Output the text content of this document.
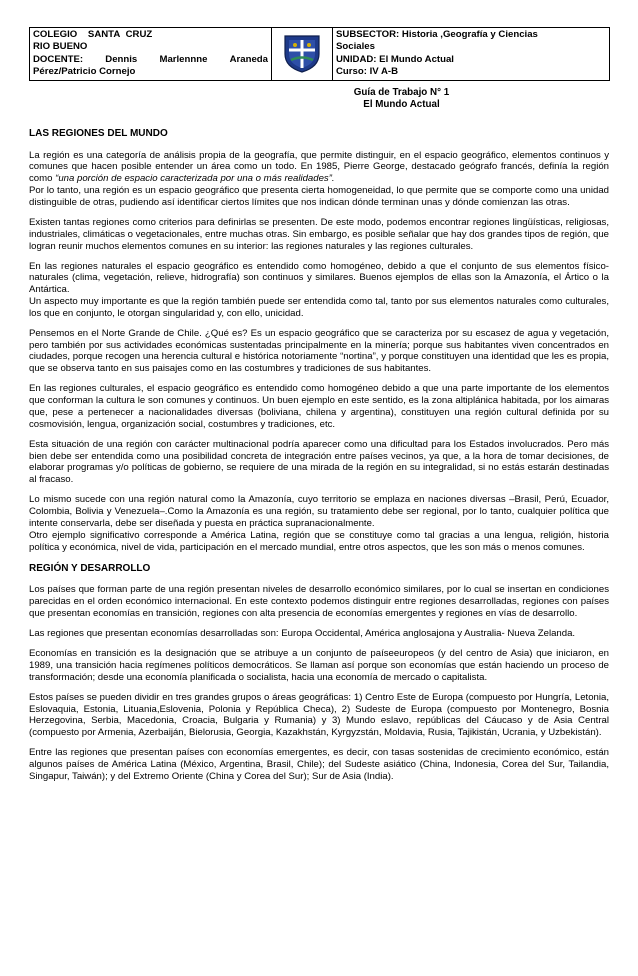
COLEGIO SANTA CRUZ
RIO BUENO
DOCENTE: Dennis Marlennne Araneda
Pérez/Patricio Cornejo

SUBSECTOR: Historia ,Geografía y Ciencias
Sociales
UNIDAD: El Mundo Actual
Curso: IV A-B
Guía de Trabajo N° 1
El Mundo Actual
LAS REGIONES DEL MUNDO

La región es una categoría de análisis propia de la geografía, que permite distinguir, en el espacio geográfico, elementos continuos y comunes que hacen posible entender un área como un todo. En 1985, Pierre George, destacado geógrafo francés, definía la región como “una porción de espacio caracterizada por una o más realidades”.

Por lo tanto, una región es un espacio geográfico que presenta cierta homogeneidad, lo que permite que se comporte como una unidad distinguible de otras, pudiendo así identificar ciertos límites que nos indican dónde terminan unas y dónde comienzan las otras.

Existen tantas regiones como criterios para definirlas se presenten. De este modo, podemos encontrar regiones lingüísticas, religiosas, industriales, climáticas o vegetacionales, entre muchas otras. Sin embargo, es posible señalar que hay dos grandes tipos de región, que logran reunir muchos elementos comunes en su interior: las regiones naturales y las regiones culturales.

En las regiones naturales el espacio geográfico es entendido como homogéneo, debido a que el conjunto de sus elementos físico-naturales (clima, vegetación, relieve, hidrografía) son continuos y similares. Buenos ejemplos de ellas son la Amazonía, el Ártico o la Antártica.

Un aspecto muy importante es que la región también puede ser entendida como tal, tanto por sus elementos naturales como culturales, los que en conjunto, le otorgan singularidad y, con ello, unicidad.

Pensemos en el Norte Grande de Chile. ¿Qué es? Es un espacio geográfico que se caracteriza por su escasez de agua y vegetación, pero también por sus actividades económicas sustentadas principalmente en la minería; porque sus habitantes viven concentrados en ciudades, porque recogen una herencia cultural e histórica notoriamente “nortina”, y porque constituyen una identidad que les es propia, que se observa tanto en sus paisajes como en las costumbres y tradiciones de sus habitantes.

En las regiones culturales, el espacio geográfico es entendido como homogéneo debido a que una parte importante de los elementos que conforman la cultura le son comunes y continuos. Un buen ejemplo en este sentido, es la zona altiplánica habitada, por los aimaras que, pese a pertenecer a nacionalidades diversas (boliviana, chilena y argentina), constituyen una región cultural definida por su cosmovisión, lengua, organización social, costumbres y tradiciones, etc.

Esta situación de una región con carácter multinacional podría aparecer como una dificultad para los Estados involucrados. Pero más bien debe ser entendida como una posibilidad concreta de integración entre países vecinos, ya que, a la hora de tomar decisiones, de elaborar programas y/o políticas de gobierno, se requiere de una mirada de la región en su integralidad, si no estás estarán destinadas al fracaso.

Lo mismo sucede con una región natural como la Amazonía, cuyo territorio se emplaza en naciones diversas –Brasil, Perú, Ecuador, Colombia, Bolivia y Venezuela–.Como la Amazonía es una región, su tratamiento debe ser regional, por lo tanto, cualquier política que intente conservarla, debe ser diseñada y puesta en práctica supranacionalmente.

Otro ejemplo significativo corresponde a América Latina, región que se constituye como tal gracias a una lengua, religión, historia política y económica, nivel de vida, participación en el mercado mundial, entre otros aspectos, que les son más o menos comunes.

REGIÓN Y DESARROLLO

Los países que forman parte de una región presentan niveles de desarrollo económico similares, por lo cual se insertan en condiciones parecidas en el orden económico internacional. En este contexto podemos distinguir entre regiones desarrolladas, regiones con países que presentan economías en transición, regiones con alta presencia de economías emergentes y regiones en vías de desarrollo.

Las regiones que presentan economías desarrolladas son: Europa Occidental, América anglosajona y Australia- Nueva Zelanda.

Economías en transición es la designación que se atribuye a un conjunto de paíseeuropeos (y del centro de Asia) que iniciaron, en 1989, una transición hacia regímenes políticos democráticos. Se llaman así porque son economías que están haciendo un proceso de transformación; desde una economía planificada o socialista, hacia una economía de mercado o capitalista.

Estos países se pueden dividir en tres grandes grupos o áreas geográficas: 1) Centro Este de Europa (compuesto por Hungría, Letonia, Eslovaquia, Estonia, Lituania,Eslovenia, Polonia y República Checa), 2) Sudeste de Europa (compuesto por Montenegro, Bosnia Herzegovina, Serbia, Macedonia, Croacia, Bulgaria y Rumania) y 3) Mundo eslavo, repúblicas del Cáucaso y de Asia Central (compuesto por Armenia, Azerbaiján, Bielorusia, Georgia, Kazakhstán, Kyrgyzstán, Moldavia, Rusia, Tajikistán, Ucrania, y Uzbekistán).

Entre las regiones que presentan países con economías emergentes, es decir, con tasas sostenidas de crecimiento económico, están algunos países de América Latina (México, Argentina, Brasil, Chile); del Sudeste asiático (China, Indonesia, Corea del Sur, Tailandia, Singapur, Taiwán); y del Extremo Oriente (China y Corea del Sur); Sur de Asia (India).
